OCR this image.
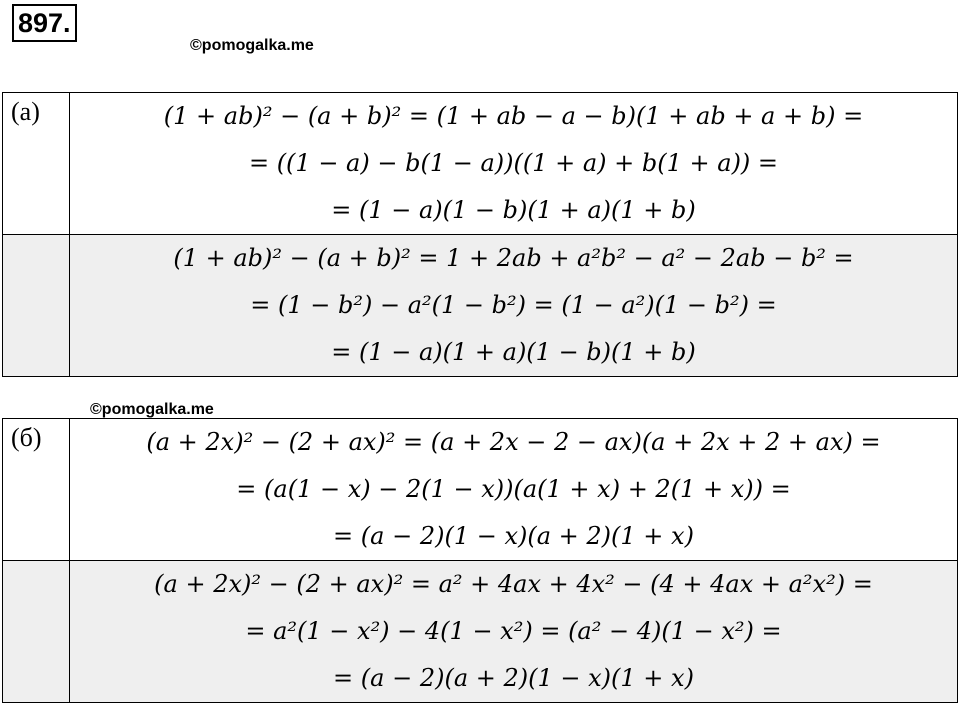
897.
©pomogalka.me
(а)	(1 + ab)² − (a + b)² = (1 + ab − a − b)(1 + ab + a + b) =
= ((1 − a) − b(1 − a))((1 + a) + b(1 + a)) =
= (1 − a)(1 − b)(1 + a)(1 + b)

	(1 + ab)² − (a + b)² = 1 + 2ab + a²b² − a² − 2ab − b² =
= (1 − b²) − a²(1 − b²) = (1 − a²)(1 − b²) =
= (1 − a)(1 + a)(1 − b)(1 + b)
©pomogalka.me
(б)	(a + 2x)² − (2 + ax)² = (a + 2x − 2 − ax)(a + 2x + 2 + ax) =
= (a(1 − x) − 2(1 − x))(a(1 + x) + 2(1 + x)) =
= (a − 2)(1 − x)(a + 2)(1 + x)

	(a + 2x)² − (2 + ax)² = a² + 4ax + 4x² − (4 + 4ax + a²x²) =
= a²(1 − x²) − 4(1 − x²) = (a² − 4)(1 − x²) =
= (a − 2)(a + 2)(1 − x)(1 + x)
